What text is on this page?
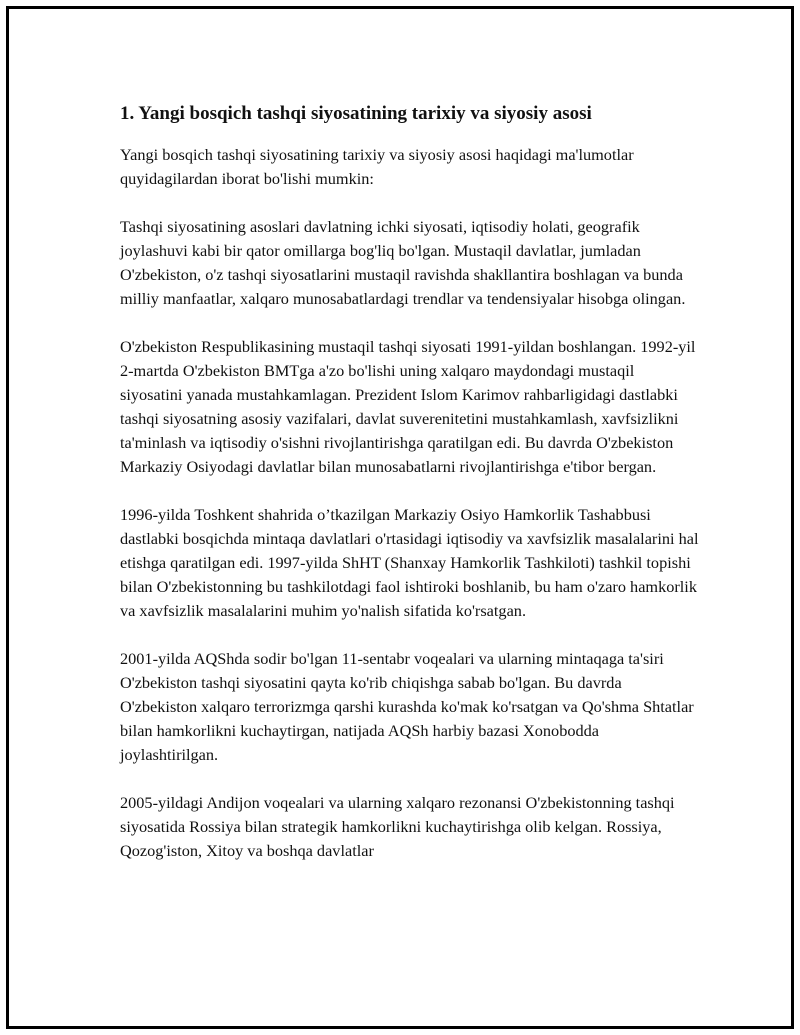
1. Yangi bosqich tashqi siyosatining tarixiy va siyosiy asosi

Yangi bosqich tashqi siyosatining tarixiy va siyosiy asosi haqidagi ma'lumotlar quyidagilardan iborat bo'lishi mumkin:

Tashqi siyosatining asoslari davlatning ichki siyosati, iqtisodiy holati, geografik joylashuvi kabi bir qator omillarga bog'liq bo'lgan. Mustaqil davlatlar, jumladan O'zbekiston, o'z tashqi siyosatlarini mustaqil ravishda shakllantira boshlagan va bunda milliy manfaatlar, xalqaro munosabatlardagi trendlar va tendensiyalar hisobga olingan.

O'zbekiston Respublikasining mustaqil tashqi siyosati 1991-yildan boshlangan. 1992-yil 2-martda O'zbekiston BMTga a'zo bo'lishi uning xalqaro maydondagi mustaqil siyosatini yanada mustahkamlagan. Prezident Islom Karimov rahbarligidagi dastlabki tashqi siyosatning asosiy vazifalari, davlat suverenitetini mustahkamlash, xavfsizlikni ta'minlash va iqtisodiy o'sishni rivojlantirishga qaratilgan edi. Bu davrda O'zbekiston Markaziy Osiyodagi davlatlar bilan munosabatlarni rivojlantirishga e'tibor bergan.

1996-yilda Toshkent shahrida o’tkazilgan Markaziy Osiyo Hamkorlik Tashabbusi dastlabki bosqichda mintaqa davlatlari o'rtasidagi iqtisodiy va xavfsizlik masalalarini hal etishga qaratilgan edi. 1997-yilda ShHT (Shanxay Hamkorlik Tashkiloti) tashkil topishi bilan O'zbekistonning bu tashkilotdagi faol ishtiroki boshlanib, bu ham o'zaro hamkorlik va xavfsizlik masalalarini muhim yo'nalish sifatida ko'rsatgan.

2001-yilda AQShda sodir bo'lgan 11-sentabr voqealari va ularning mintaqaga ta'siri O'zbekiston tashqi siyosatini qayta ko'rib chiqishga sabab bo'lgan. Bu davrda O'zbekiston xalqaro terrorizmga qarshi kurashda ko'mak ko'rsatgan va Qo'shma Shtatlar bilan hamkorlikni kuchaytirgan, natijada AQSh harbiy bazasi Xonobodda joylashtirilgan.

2005-yildagi Andijon voqealari va ularning xalqaro rezonansi O'zbekistonning tashqi siyosatida Rossiya bilan strategik hamkorlikni kuchaytirishga olib kelgan. Rossiya, Qozog'iston, Xitoy va boshqa davlatlar
